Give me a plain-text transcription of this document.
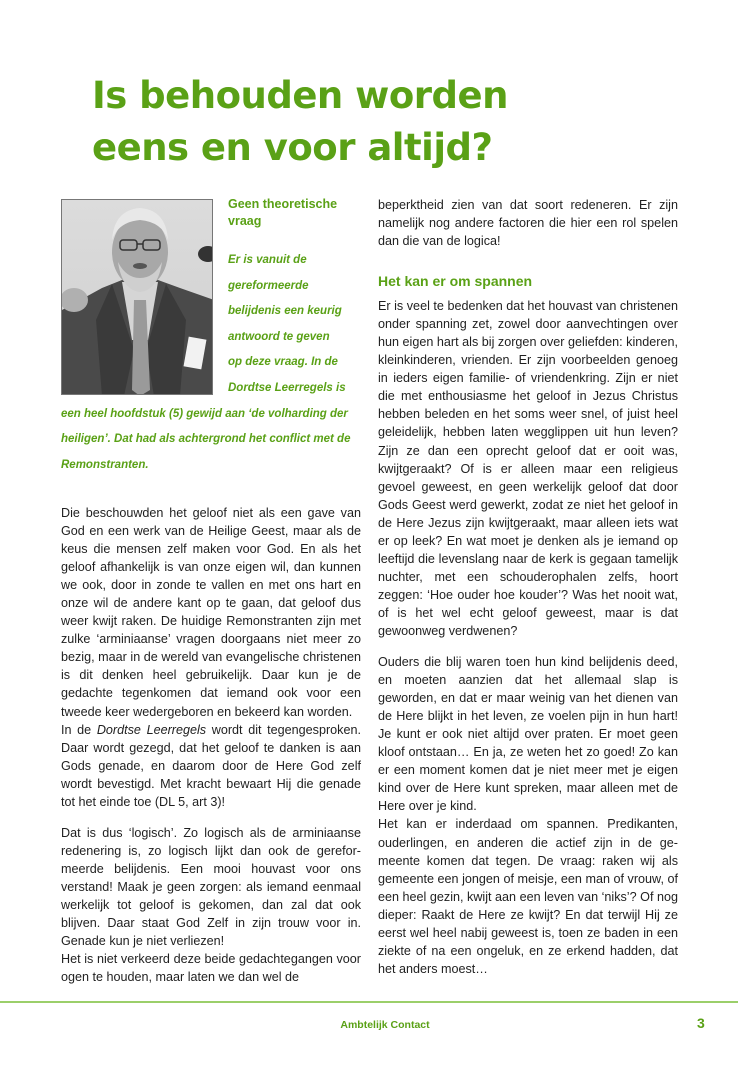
Is behouden worden
eens en voor altijd?
Geen theoretische vraag
Er is vanuit de
gereformeerde
belijdenis een keurig
antwoord te geven
op deze vraag. In de
Dordtse Leerregels is
een heel hoofdstuk (5) gewijd aan ‘de volharding der
heiligen’. Dat had als achtergrond het conflict met de
Remonstranten.

Die beschouwden het geloof niet als een gave van God en een werk van de Heilige Geest, maar als de keus die mensen zelf maken voor God. En als het geloof afhankelijk is van onze eigen wil, dan kunnen we ook, door in zonde te vallen en met ons hart en onze wil de andere kant op te gaan, dat geloof dus weer kwijt raken. De huidige Remonstranten zijn met zulke ‘arminiaanse’ vragen doorgaans niet meer zo bezig, maar in de wereld van evangelische christenen is dit denken heel gebruikelijk. Daar kun je de gedachte tegenkomen dat iemand ook voor een tweede keer wedergeboren en bekeerd kan worden.

In de Dordtse Leerregels wordt dit tegengesproken. Daar wordt gezegd, dat het geloof te danken is aan Gods genade, en daarom door de Here God zelf wordt bevestigd. Met kracht bewaart Hij die genade tot het einde toe (DL 5, art 3)!

Dat is dus ‘logisch’. Zo logisch als de arminiaanse redenering is, zo logisch lijkt dan ook de gereformeerde belijdenis. Een mooi houvast voor ons verstand! Maak je geen zorgen: als iemand eenmaal werkelijk tot geloof is gekomen, dan zal dat ook blijven. Daar staat God Zelf in zijn trouw voor in. Genade kun je niet verliezen!

Het is niet verkeerd deze beide gedachtegangen voor ogen te houden, maar laten we dan wel de

beperktheid zien van dat soort redeneren. Er zijn namelijk nog andere factoren die hier een rol spelen dan die van de logica!

Het kan er om spannen

Er is veel te bedenken dat het houvast van christenen onder spanning zet, zowel door aanvechtingen over hun eigen hart als bij zorgen over geliefden: kinderen, kleinkinderen, vrienden. Er zijn voorbeelden genoeg in ieders eigen familie- of vriendenkring. Zijn er niet die met enthousiasme het geloof in Jezus Christus hebben beleden en het soms weer snel, of juist heel geleidelijk, hebben laten wegglippen uit hun leven? Zijn ze dan een oprecht geloof dat er ooit was, kwijtgeraakt? Of is er alleen maar een religieus gevoel geweest, en geen werkelijk geloof dat door Gods Geest werd gewerkt, zodat ze niet het geloof in de Here Jezus zijn kwijtgeraakt, maar alleen iets wat er op leek? En wat moet je denken als je iemand op leeftijd die levenslang naar de kerk is gegaan tamelijk nuchter, met een schouderophalen zelfs, hoort zeggen: ‘Hoe ouder hoe kouder’? Was het nooit wat, of is het wel echt geloof geweest, maar is dat gewoonweg verdwenen?

Ouders die blij waren toen hun kind belijdenis deed, en moeten aanzien dat het allemaal slap is geworden, en dat er maar weinig van het dienen van de Here blijkt in het leven, ze voelen pijn in hun hart! Je kunt er ook niet altijd over praten. Er moet geen kloof ontstaan… En ja, ze weten het zo goed! Zo kan er een moment komen dat je niet meer met je eigen kind over de Here kunt spreken, maar alleen met de Here over je kind.

Het kan er inderdaad om spannen. Predikanten, ouderlingen, en anderen die actief zijn in de gemeente komen dat tegen. De vraag: raken wij als gemeente een jongen of meisje, een man of vrouw, of een heel gezin, kwijt aan een leven van ‘niks’? Of nog dieper: Raakt de Here ze kwijt? En dat terwijl Hij ze eerst wel heel nabij geweest is, toen ze baden in een ziekte of na een ongeluk, en ze erkend hadden, dat het anders moest…

Ambtelijk Contact	3
